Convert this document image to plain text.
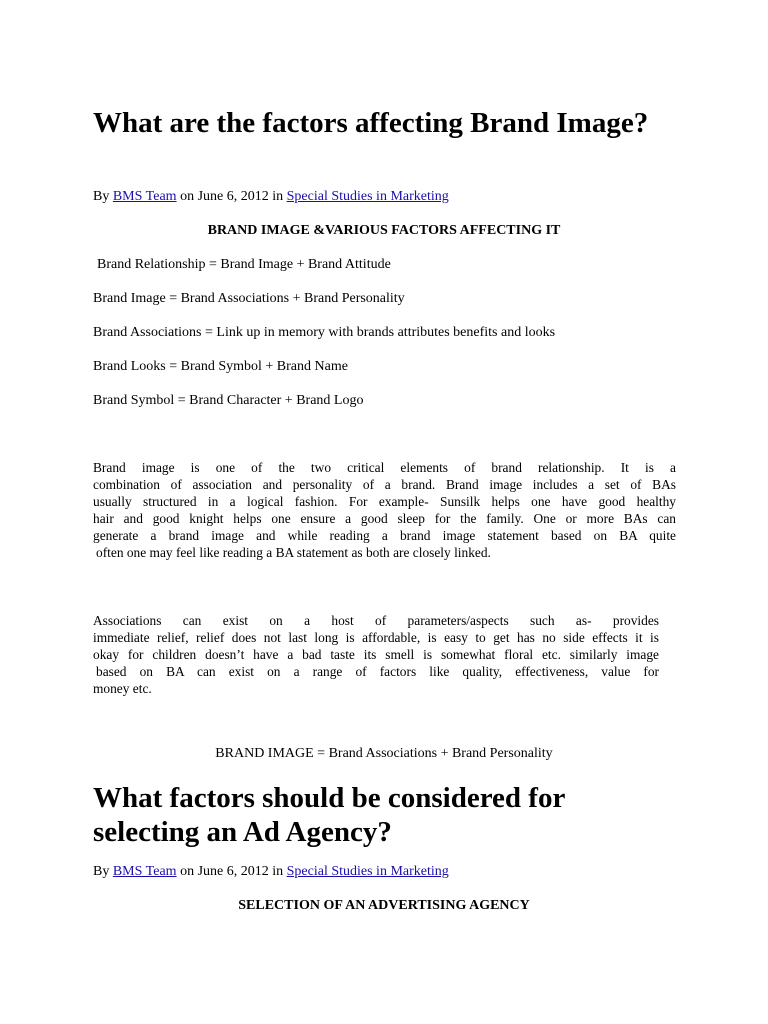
What are the factors affecting Brand Image?
By BMS Team on June 6, 2012 in Special Studies in Marketing
BRAND IMAGE &VARIOUS FACTORS AFFECTING IT
Brand Relationship = Brand Image + Brand Attitude
Brand Image = Brand Associations + Brand Personality
Brand Associations = Link up in memory with brands attributes benefits and looks
Brand Looks = Brand Symbol + Brand Name
Brand Symbol = Brand Character + Brand Logo
Brand image is one of the two critical elements of brand relationship. It is a
combination of association and personality of a brand. Brand image includes a set of BAs
usually structured in a logical fashion. For example- Sunsilk helps one have good healthy
hair and good knight helps one ensure a good sleep for the family. One or more BAs can
generate a brand image and while reading a brand image statement based on BA quite
often one may feel like reading a BA statement as both are closely linked.
Associations can exist on a host of parameters/aspects such as- provides
immediate relief, relief does not last long is affordable, is easy to get has no side effects it is
okay for children doesn’t have a bad taste its smell is somewhat floral etc. similarly image
based on BA can exist on a range of factors like quality, effectiveness, value for
money etc.
BRAND IMAGE = Brand Associations + Brand Personality
What factors should be considered for selecting an Ad Agency?
By BMS Team on June 6, 2012 in Special Studies in Marketing
SELECTION OF AN ADVERTISING AGENCY
